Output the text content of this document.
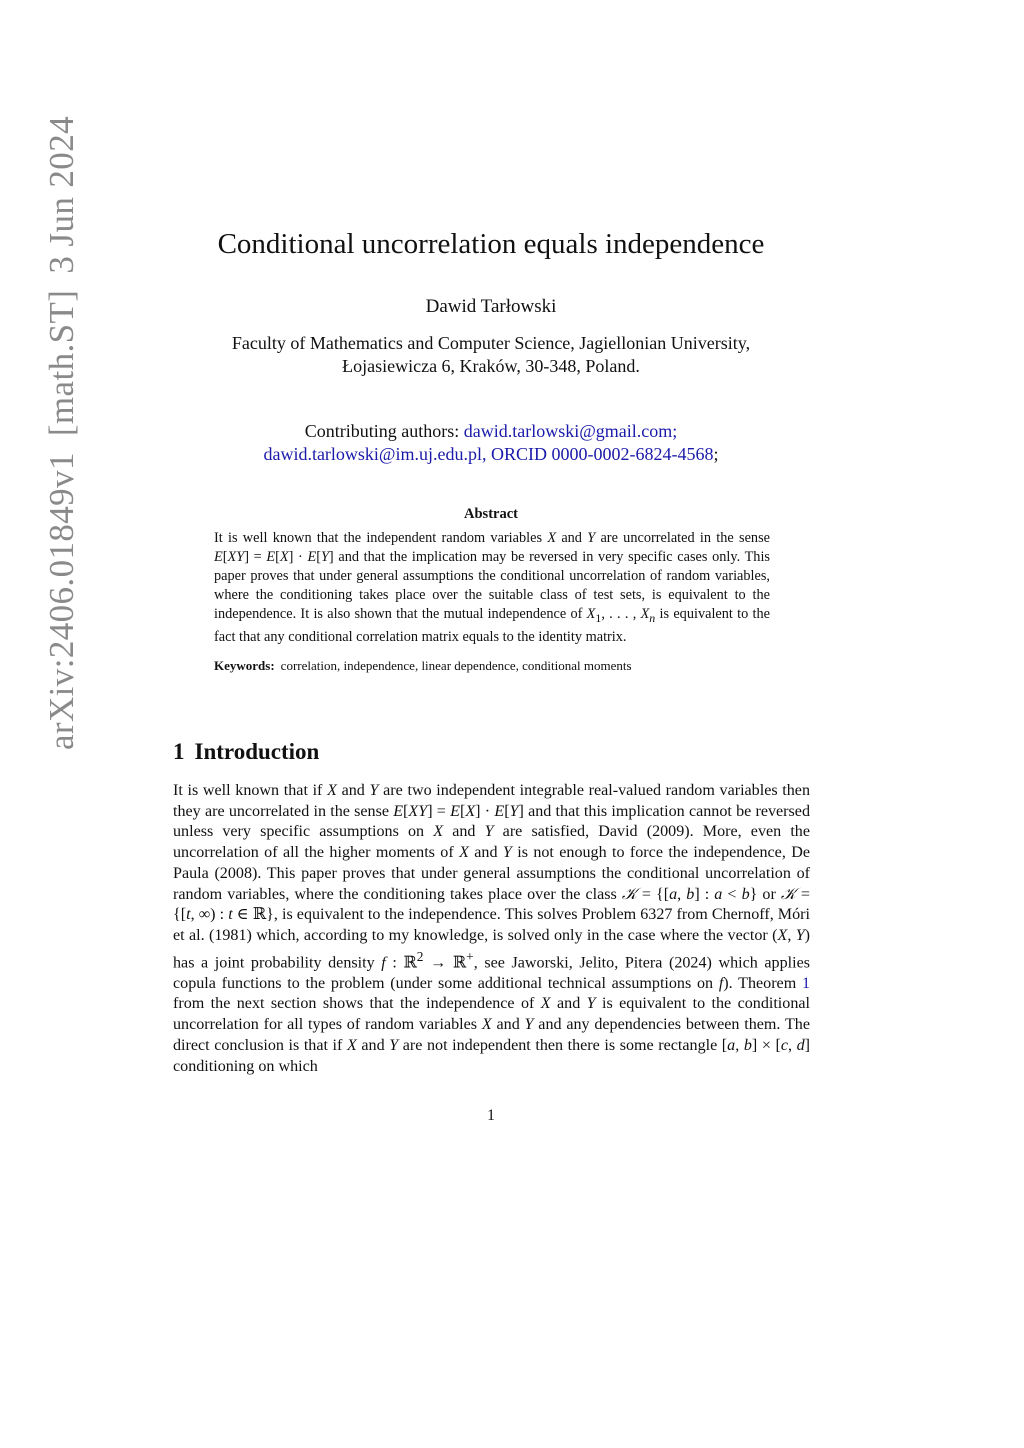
arXiv:2406.01849v1[math.ST]3 Jun 2024	Conditional uncorrelation equals independence
Dawid Tarłowski
Faculty of Mathematics and Computer Science, Jagiellonian University,
Łojasiewicza 6, Kraków, 30-348, Poland.
Contributing authors: dawid.tarlowski@gmail.com;
dawid.tarlowski@im.uj.edu.pl, ORCID 0000-0002-6824-4568;
Abstract
It is well known that the independent random variables X and Y are uncorrelated in the sense E[XY] = E[X] · E[Y] and that the implication may be reversed in very specific cases only. This paper proves that under general assumptions the conditional uncorrelation of random variables, where the conditioning takes place over the suitable class of test sets, is equivalent to the independence. It is also shown that the mutual independence of $X_1$, . . . , $X_n$ is equivalent to the fact that any conditional correlation matrix equals to the identity matrix.
Keywords: correlation, independence, linear dependence, conditional moments
1 Introduction

It is well known that if X and Y are two independent integrable real-valued random variables then they are uncorrelated in the sense E[XY] = E[X] · E[Y] and that this implication cannot be reversed unless very specific assumptions on X and Y are satisfied, David (2009). More, even the uncorrelation of all the higher moments of X and Y is not enough to force the independence, De Paula (2008). This paper proves that under general assumptions the conditional uncorrelation of random variables, where the conditioning takes place over the class 𝒦 = {[a, b] : a < b} or 𝒦 = {[t, ∞) : t ∈ ℝ}, is equivalent to the independence. This solves Problem 6327 from Chernoff, Móri et al. (1981) which, according to my knowledge, is solved only in the case where the vector (X, Y) has a joint probability density f : ℝ$^2$ → ℝ+, see Jaworski, Jelito, Pitera (2024) which applies copula functions to the problem (under some additional technical assumptions on f). Theorem 1 from the next section shows that the independence of X and Y is equivalent to the conditional uncorrelation for all types of random variables X and Y and any dependencies between them. The direct conclusion is that if X and Y are not independent then there is some rectangle [a, b] × [c, d] conditioning on which

1
